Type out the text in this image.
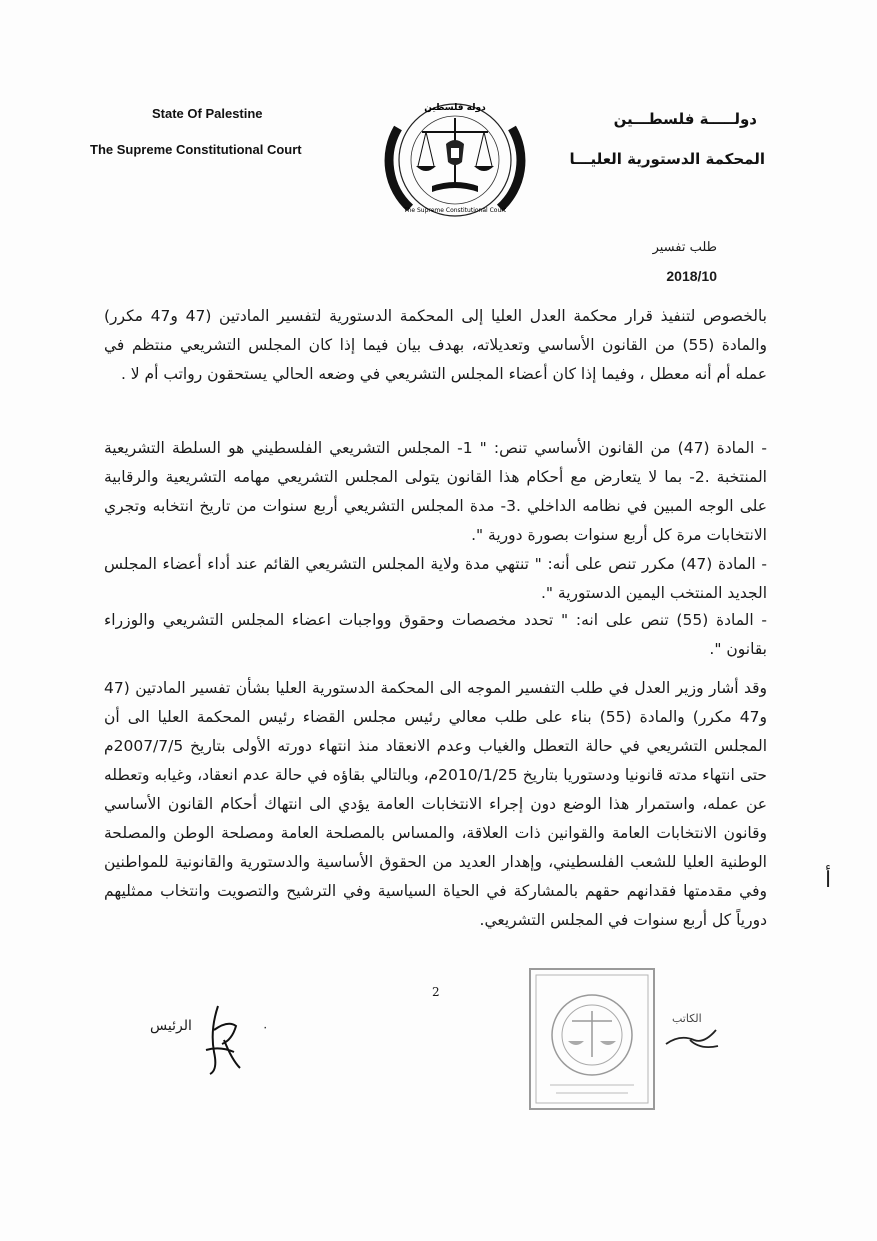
State Of Palestine
The Supreme Constitutional Court
دولة فلسطين
The Supreme Constitutional Court
دولـــــة فلسطـــين
المحكمة الدستورية العليـــا
طلب تفسير
2018/10
بالخصوص لتنفيذ قرار محكمة العدل العليا إلى المحكمة الدستورية لتفسير المادتين (47 و47 مكرر) والمادة (55) من القانون الأساسي وتعديلاته، بهدف بيان فيما إذا كان المجلس التشريعي منتظم في عمله أم أنه معطل ، وفيما إذا كان أعضاء المجلس التشريعي في وضعه الحالي يستحقون رواتب أم لا .
- المادة (47) من القانون الأساسي تنص: " 1- المجلس التشريعي الفلسطيني هو السلطة التشريعية المنتخبة .2- بما لا يتعارض مع أحكام هذا القانون يتولى المجلس التشريعي مهامه التشريعية والرقابية على الوجه المبين في نظامه الداخلي .3- مدة المجلس التشريعي أربع سنوات من تاريخ انتخابه وتجري الانتخابات مرة كل أربع سنوات بصورة دورية ".
- المادة (47) مكرر تنص على أنه: " تنتهي مدة ولاية المجلس التشريعي القائم عند أداء أعضاء المجلس الجديد المنتخب اليمين الدستورية ".
- المادة (55) تنص على انه: " تحدد مخصصات وحقوق وواجبات اعضاء المجلس التشريعي والوزراء بقانون ".
وقد أشار وزير العدل في طلب التفسير الموجه الى المحكمة الدستورية العليا بشأن تفسير المادتين (47 و47 مكرر) والمادة (55) بناء على طلب معالي رئيس مجلس القضاء رئيس المحكمة العليا الى أن المجلس التشريعي في حالة التعطل والغياب وعدم الانعقاد منذ انتهاء دورته الأولى بتاريخ 2007/7/5م حتى انتهاء مدته قانونيا ودستوريا بتاريخ 2010/1/25م، وبالتالي بقاؤه في حالة عدم انعقاد، وغيابه وتعطله عن عمله، واستمرار هذا الوضع دون إجراء الانتخابات العامة يؤدي الى انتهاك أحكام القانون الأساسي وقانون الانتخابات العامة والقوانين ذات العلاقة، والمساس بالمصلحة العامة ومصلحة الوطن والمصلحة الوطنية العليا للشعب الفلسطيني، وإهدار العديد من الحقوق الأساسية والدستورية والقانونية للمواطنين وفي مقدمتها فقدانهم حقهم بالمشاركة في الحياة السياسية وفي الترشيح والتصويت وانتخاب ممثليهم دورياً كل أربع سنوات في المجلس التشريعي.
أ
2
الرئيس	٠
الكاتب
